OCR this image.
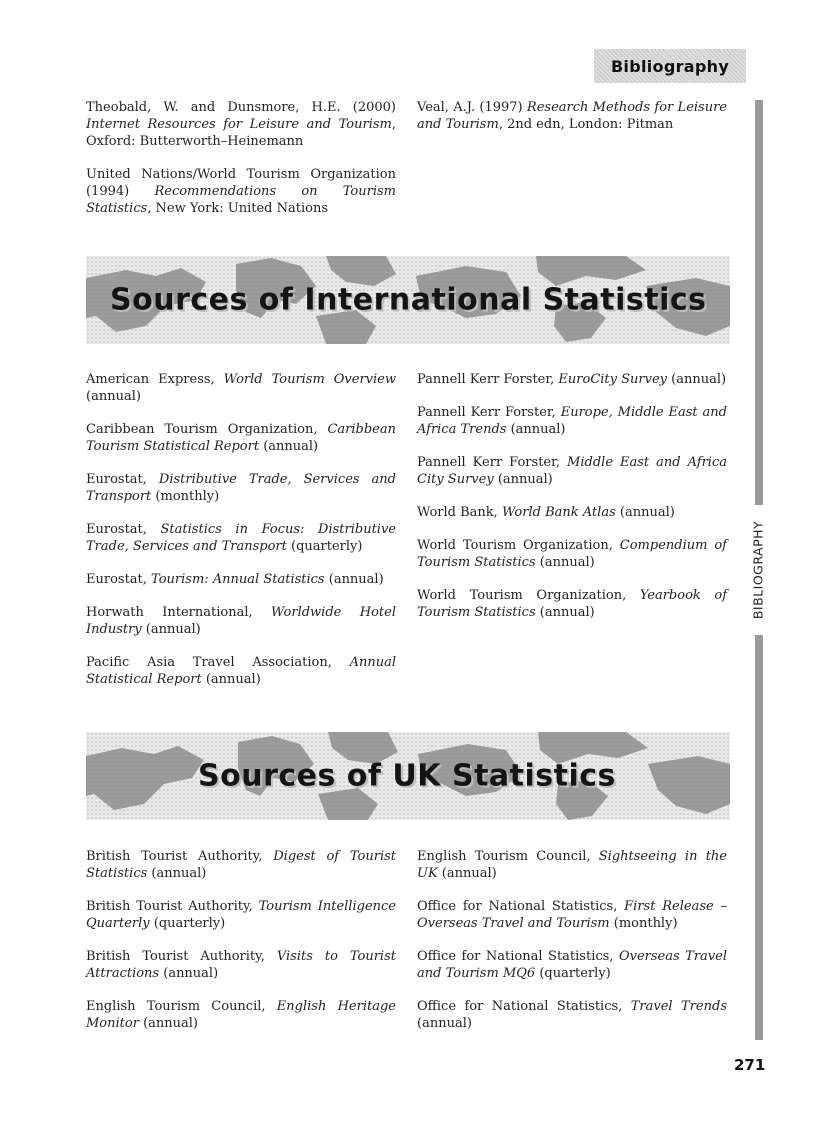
Bibliography
BIBLIOGRAPHY
Theobald, W. and Dunsmore, H.E. (2000) Internet Resources for Leisure and Tourism, Oxford: Butterworth–Heinemann
United Nations/World Tourism Organization (1994) Recommendations on Tourism Statistics, New York: United Nations
Veal, A.J. (1997) Research Methods for Leisure and Tourism, 2nd edn, London: Pitman
Sources of International Statistics
American Express, World Tourism Overview (annual)
Caribbean Tourism Organization, Caribbean Tourism Statistical Report (annual)
Eurostat, Distributive Trade, Services and Transport (monthly)
Eurostat, Statistics in Focus: Distributive Trade, Services and Transport (quarterly)
Eurostat, Tourism: Annual Statistics (annual)
Horwath International, Worldwide Hotel Industry (annual)
Pacific Asia Travel Association, Annual Statistical Report (annual)
Pannell Kerr Forster, EuroCity Survey (annual)
Pannell Kerr Forster, Europe, Middle East and Africa Trends (annual)
Pannell Kerr Forster, Middle East and Africa City Survey (annual)
World Bank, World Bank Atlas (annual)
World Tourism Organization, Compendium of Tourism Statistics (annual)
World Tourism Organization, Yearbook of Tourism Statistics (annual)
Sources of UK Statistics
British Tourist Authority, Digest of Tourist Statistics (annual)
British Tourist Authority, Tourism Intelligence Quarterly (quarterly)
British Tourist Authority, Visits to Tourist Attractions (annual)
English Tourism Council, English Heritage Monitor (annual)
English Tourism Council, Sightseeing in the UK (annual)
Office for National Statistics, First Release – Overseas Travel and Tourism (monthly)
Office for National Statistics, Overseas Travel and Tourism MQ6 (quarterly)
Office for National Statistics, Travel Trends (annual)
271
